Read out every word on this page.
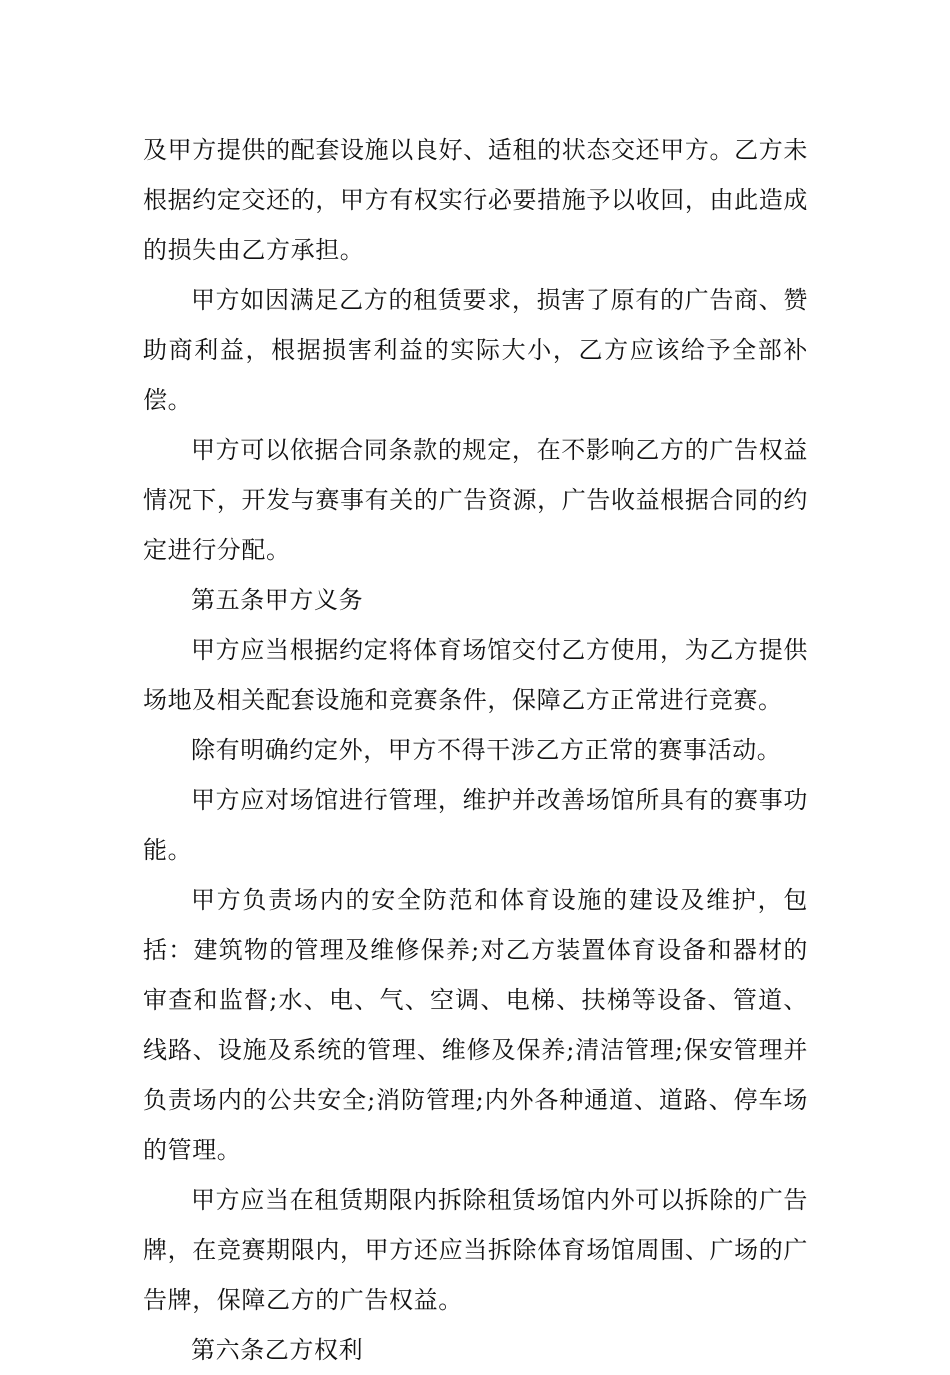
及甲方提供的配套设施以良好、适租的状态交还甲方。乙方未根据约定交还的，甲方有权实行必要措施予以收回，由此造成的损失由乙方承担。

甲方如因满足乙方的租赁要求，损害了原有的广告商、赞助商利益，根据损害利益的实际大小，乙方应该给予全部补偿。

甲方可以依据合同条款的规定，在不影响乙方的广告权益情况下，开发与赛事有关的广告资源，广告收益根据合同的约定进行分配。

第五条甲方义务

甲方应当根据约定将体育场馆交付乙方使用，为乙方提供场地及相关配套设施和竞赛条件，保障乙方正常进行竞赛。

除有明确约定外，甲方不得干涉乙方正常的赛事活动。

甲方应对场馆进行管理，维护并改善场馆所具有的赛事功能。

甲方负责场内的安全防范和体育设施的建设及维护，包括：建筑物的管理及维修保养;对乙方装置体育设备和器材的审查和监督;水、电、气、空调、电梯、扶梯等设备、管道、线路、设施及系统的管理、维修及保养;清洁管理;保安管理并负责场内的公共安全;消防管理;内外各种通道、道路、停车场的管理。

甲方应当在租赁期限内拆除租赁场馆内外可以拆除的广告牌，在竞赛期限内，甲方还应当拆除体育场馆周围、广场的广告牌，保障乙方的广告权益。

第六条乙方权利
